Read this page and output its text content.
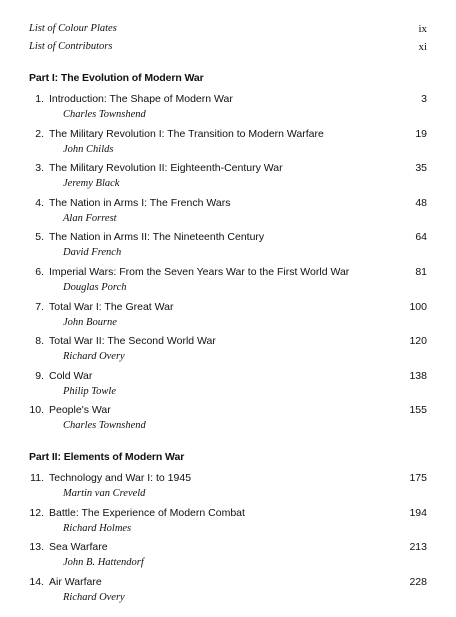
List of Colour Plates	ix
List of Contributors	xi
Part I: The Evolution of Modern War
1. Introduction: The Shape of Modern War	3
Charles Townshend
2. The Military Revolution I: The Transition to Modern Warfare	19
John Childs
3. The Military Revolution II: Eighteenth-Century War	35
Jeremy Black
4. The Nation in Arms I: The French Wars	48
Alan Forrest
5. The Nation in Arms II: The Nineteenth Century	64
David French
6. Imperial Wars: From the Seven Years War to the First World War	81
Douglas Porch
7. Total War I: The Great War	100
John Bourne
8. Total War II: The Second World War	120
Richard Overy
9. Cold War	138
Philip Towle
10. People's War	155
Charles Townshend
Part II: Elements of Modern War
11. Technology and War I: to 1945	175
Martin van Creveld
12. Battle: The Experience of Modern Combat	194
Richard Holmes
13. Sea Warfare	213
John B. Hattendorf
14. Air Warfare	228
Richard Overy
